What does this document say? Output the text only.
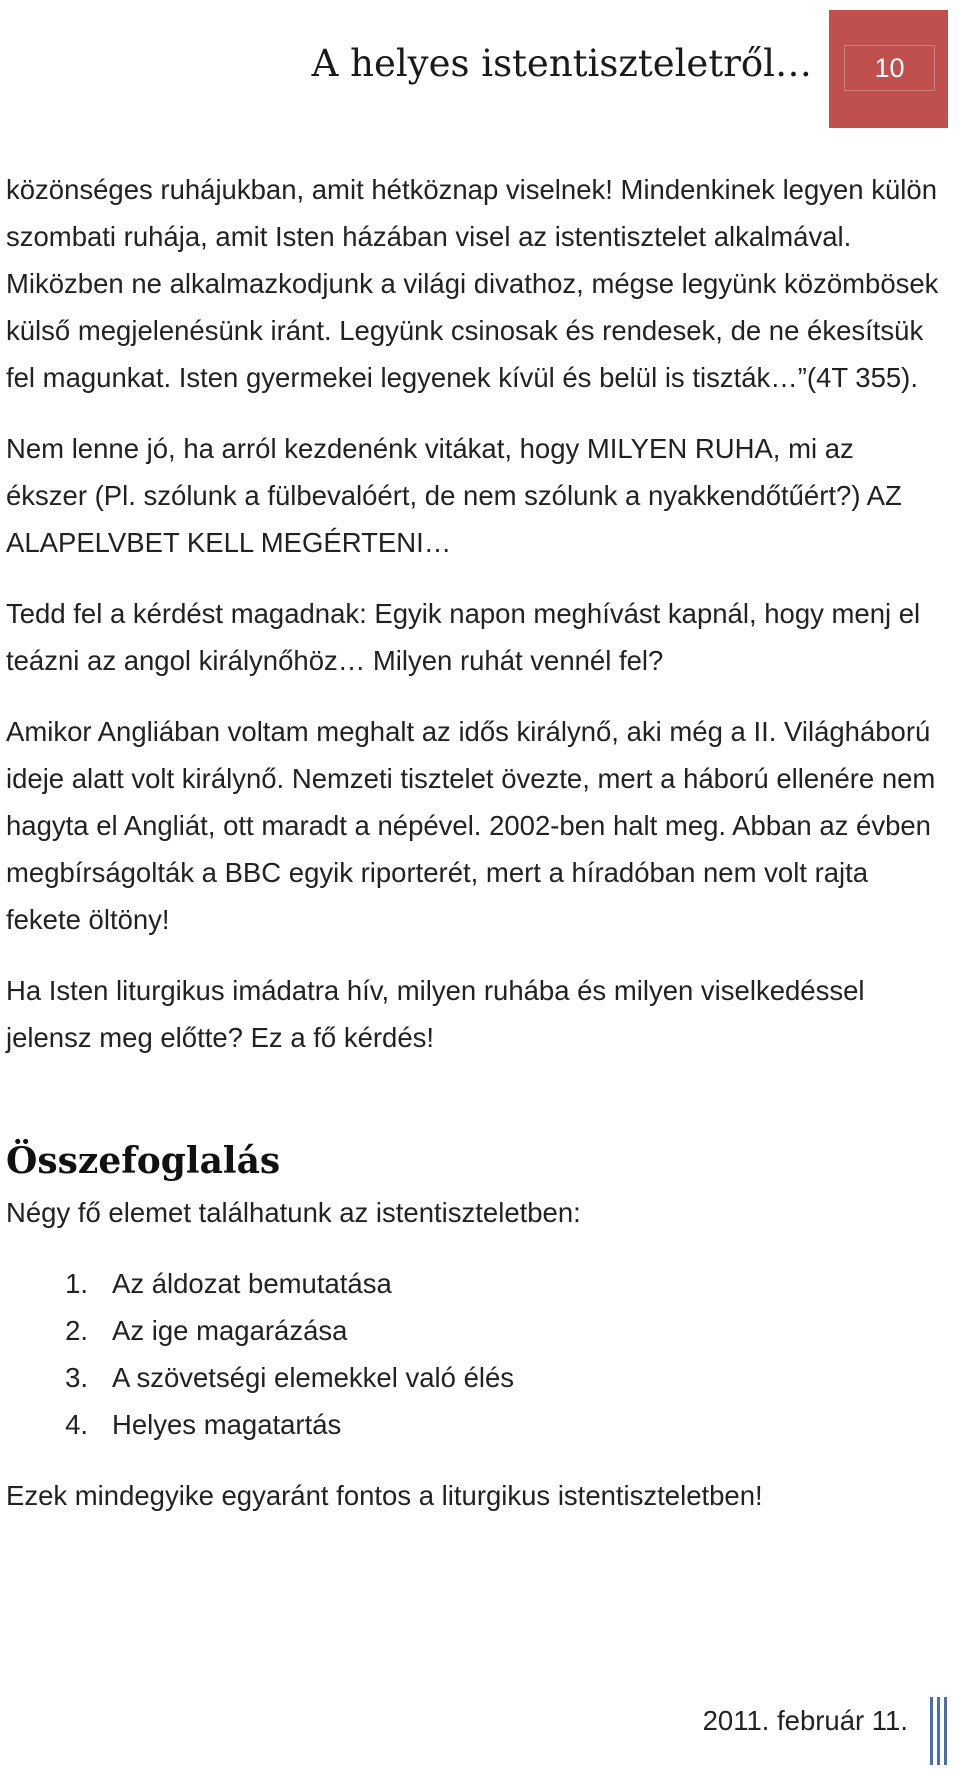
A helyes istentiszteletről…	10

közönséges ruhájukban, amit hétköznap viselnek! Mindenkinek legyen külön szombati ruhája, amit Isten házában visel az istentisztelet alkalmával. Miközben ne alkalmazkodjunk a világi divathoz, mégse legyünk közömbösek külső megjelenésünk iránt. Legyünk csinosak és rendesek, de ne ékesítsük fel magunkat. Isten gyermekei legyenek kívül és belül is tiszták…”(4T 355).

Nem lenne jó, ha arról kezdenénk vitákat, hogy MILYEN RUHA, mi az ékszer (Pl. szólunk a fülbevalóért, de nem szólunk a nyakkendőtűért?) AZ ALAPELVBET KELL MEGÉRTENI…

Tedd fel a kérdést magadnak: Egyik napon meghívást kapnál, hogy menj el teázni az angol királynőhöz… Milyen ruhát vennél fel?

Amikor Angliában voltam meghalt az idős királynő, aki még a II. Világháború ideje alatt volt királynő. Nemzeti tisztelet övezte, mert a háború ellenére nem hagyta el Angliát, ott maradt a népével. 2002-ben halt meg. Abban az évben megbírságolták a BBC egyik riporterét, mert a híradóban nem volt rajta fekete öltöny!

Ha Isten liturgikus imádatra hív, milyen ruhába és milyen viselkedéssel jelensz meg előtte? Ez a fő kérdés!

Összefoglalás

Négy fő elemet találhatunk az istentiszteletben:

1. Az áldozat bemutatása
2. Az ige magarázása
3. A szövetségi elemekkel való élés
4. Helyes magatartás

Ezek mindegyike egyaránt fontos a liturgikus istentiszteletben!

2011. február 11.
